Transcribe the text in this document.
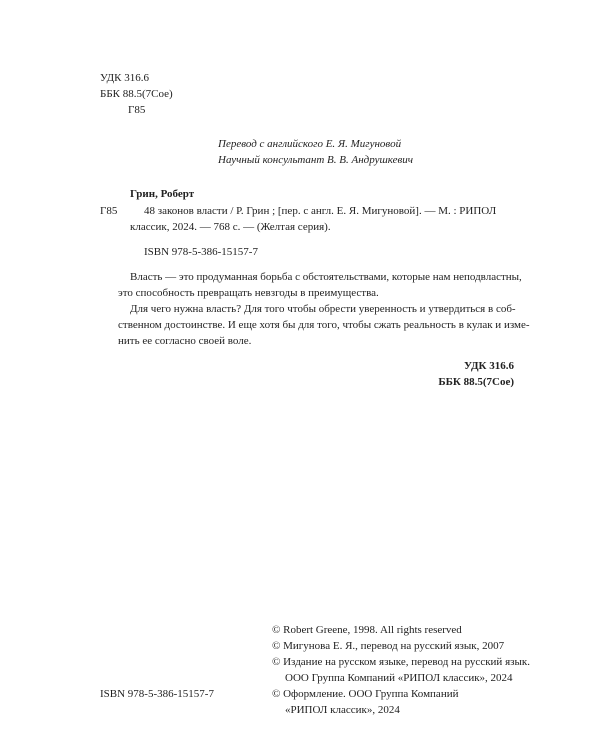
УДК 316.6
ББК 88.5(7Сое)
Г85
Перевод с английского Е. Я. Мигуновой
Научный консультант В. В. Андрушкевич
Грин, Роберт
Г85 48 законов власти / Р. Грин ; [пер. с англ. Е. Я. Мигуновой]. — М. : РИПОЛ
классик, 2024. — 768 с. — (Желтая серия).
ISBN 978-5-386-15157-7
Власть — это продуманная борьба с обстоятельствами, которые нам неподвластны,
это способность превращать невзгоды в преимущества.
Для чего нужна власть? Для того чтобы обрести уверенность и утвердиться в соб-
ственном достоинстве. И еще хотя бы для того, чтобы сжать реальность в кулак и изме-
нить ее согласно своей воле.
УДК 316.6
ББК 88.5(7Сое)
© Robert Greene, 1998. All rights reserved
© Мигунова Е. Я., перевод на русский язык, 2007
© Издание на русском языке, перевод на русский язык.
ООО Группа Компаний «РИПОЛ классик», 2024
© Оформление. ООО Группа Компаний
«РИПОЛ классик», 2024
ISBN 978-5-386-15157-7
